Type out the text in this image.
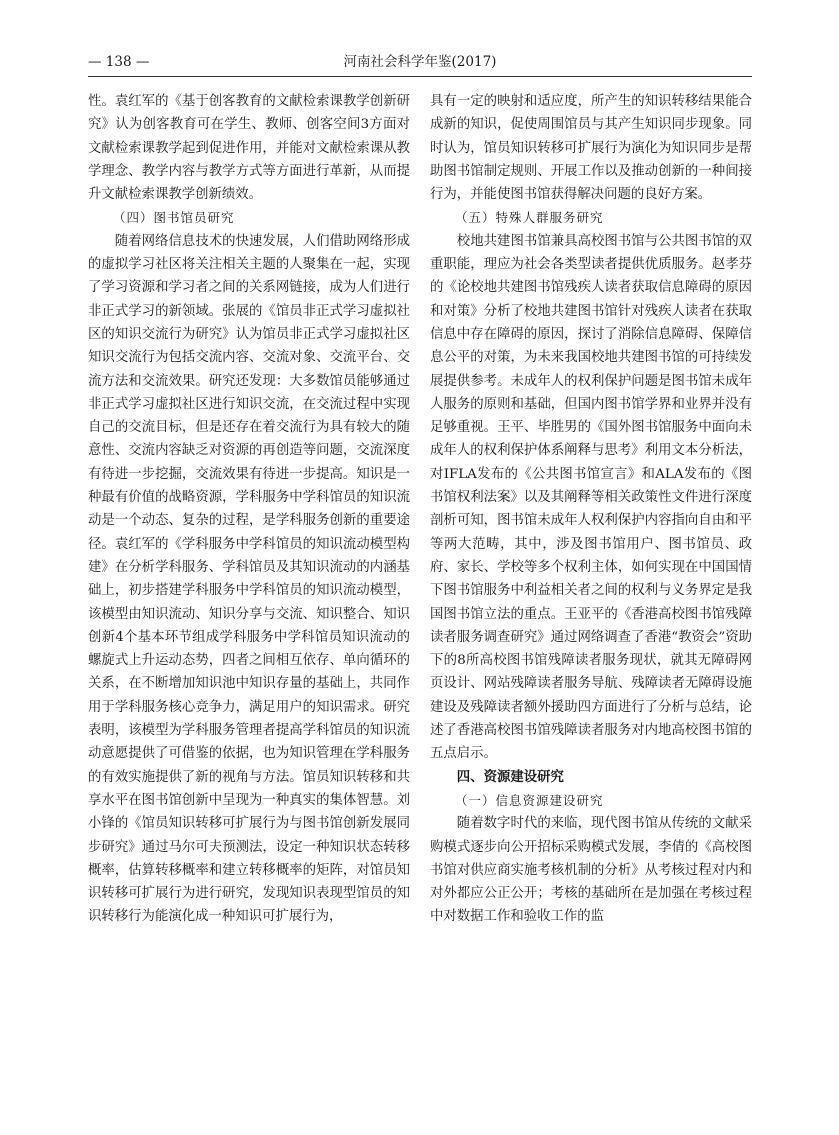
— 138 —	河南社会科学年鉴(2017)

性。袁红军的《基于创客教育的文献检索课教学创新研究》认为创客教育可在学生、教师、创客空间3方面对文献检索课教学起到促进作用，并能对文献检索课从教学理念、教学内容与教学方式等方面进行革新，从而提升文献检索课教学创新绩效。

（四）图书馆员研究

随着网络信息技术的快速发展，人们借助网络形成的虚拟学习社区将关注相关主题的人聚集在一起，实现了学习资源和学习者之间的关系网链接，成为人们进行非正式学习的新领域。张展的《馆员非正式学习虚拟社区的知识交流行为研究》认为馆员非正式学习虚拟社区知识交流行为包括交流内容、交流对象、交流平台、交流方法和交流效果。研究还发现：大多数馆员能够通过非正式学习虚拟社区进行知识交流，在交流过程中实现自己的交流目标，但是还存在着交流行为具有较大的随意性、交流内容缺乏对资源的再创造等问题，交流深度有待进一步挖掘，交流效果有待进一步提高。知识是一种最有价值的战略资源，学科服务中学科馆员的知识流动是一个动态、复杂的过程，是学科服务创新的重要途径。袁红军的《学科服务中学科馆员的知识流动模型构建》在分析学科服务、学科馆员及其知识流动的内涵基础上，初步搭建学科服务中学科馆员的知识流动模型，该模型由知识流动、知识分享与交流、知识整合、知识创新4个基本环节组成学科服务中学科馆员知识流动的螺旋式上升运动态势，四者之间相互依存、单向循环的关系，在不断增加知识池中知识存量的基础上，共同作用于学科服务核心竞争力，满足用户的知识需求。研究表明，该模型为学科服务管理者提高学科馆员的知识流动意愿提供了可借鉴的依据，也为知识管理在学科服务的有效实施提供了新的视角与方法。馆员知识转移和共享水平在图书馆创新中呈现为一种真实的集体智慧。刘小锋的《馆员知识转移可扩展行为与图书馆创新发展同步研究》通过马尔可夫预测法，设定一种知识状态转移概率，估算转移概率和建立转移概率的矩阵，对馆员知识转移可扩展行为进行研究，发现知识表现型馆员的知识转移行为能演化成一种知识可扩展行为，

具有一定的映射和适应度，所产生的知识转移结果能合成新的知识，促使周围馆员与其产生知识同步现象。同时认为，馆员知识转移可扩展行为演化为知识同步是帮助图书馆制定规则、开展工作以及推动创新的一种间接行为，并能使图书馆获得解决问题的良好方案。

（五）特殊人群服务研究

校地共建图书馆兼具高校图书馆与公共图书馆的双重职能，理应为社会各类型读者提供优质服务。赵孝芬的《论校地共建图书馆残疾人读者获取信息障碍的原因和对策》分析了校地共建图书馆针对残疾人读者在获取信息中存在障碍的原因，探讨了消除信息障碍、保障信息公平的对策，为未来我国校地共建图书馆的可持续发展提供参考。未成年人的权利保护问题是图书馆未成年人服务的原则和基础，但国内图书馆学界和业界并没有足够重视。王平、毕胜男的《国外图书馆服务中面向未成年人的权利保护体系阐释与思考》利用文本分析法，对IFLA发布的《公共图书馆宣言》和ALA发布的《图书馆权利法案》以及其阐释等相关政策性文件进行深度剖析可知，图书馆未成年人权利保护内容指向自由和平等两大范畴，其中，涉及图书馆用户、图书馆员、政府、家长、学校等多个权利主体，如何实现在中国国情下图书馆服务中利益相关者之间的权利与义务界定是我国图书馆立法的重点。王亚平的《香港高校图书馆残障读者服务调查研究》通过网络调查了香港“教资会”资助下的8所高校图书馆残障读者服务现状，就其无障碍网页设计、网站残障读者服务导航、残障读者无障碍设施建设及残障读者额外援助四方面进行了分析与总结，论述了香港高校图书馆残障读者服务对内地高校图书馆的五点启示。

四、资源建设研究

（一）信息资源建设研究

随着数字时代的来临，现代图书馆从传统的文献采购模式逐步向公开招标采购模式发展，李倩的《高校图书馆对供应商实施考核机制的分析》从考核过程对内和对外都应公正公开；考核的基础所在是加强在考核过程中对数据工作和验收工作的监
